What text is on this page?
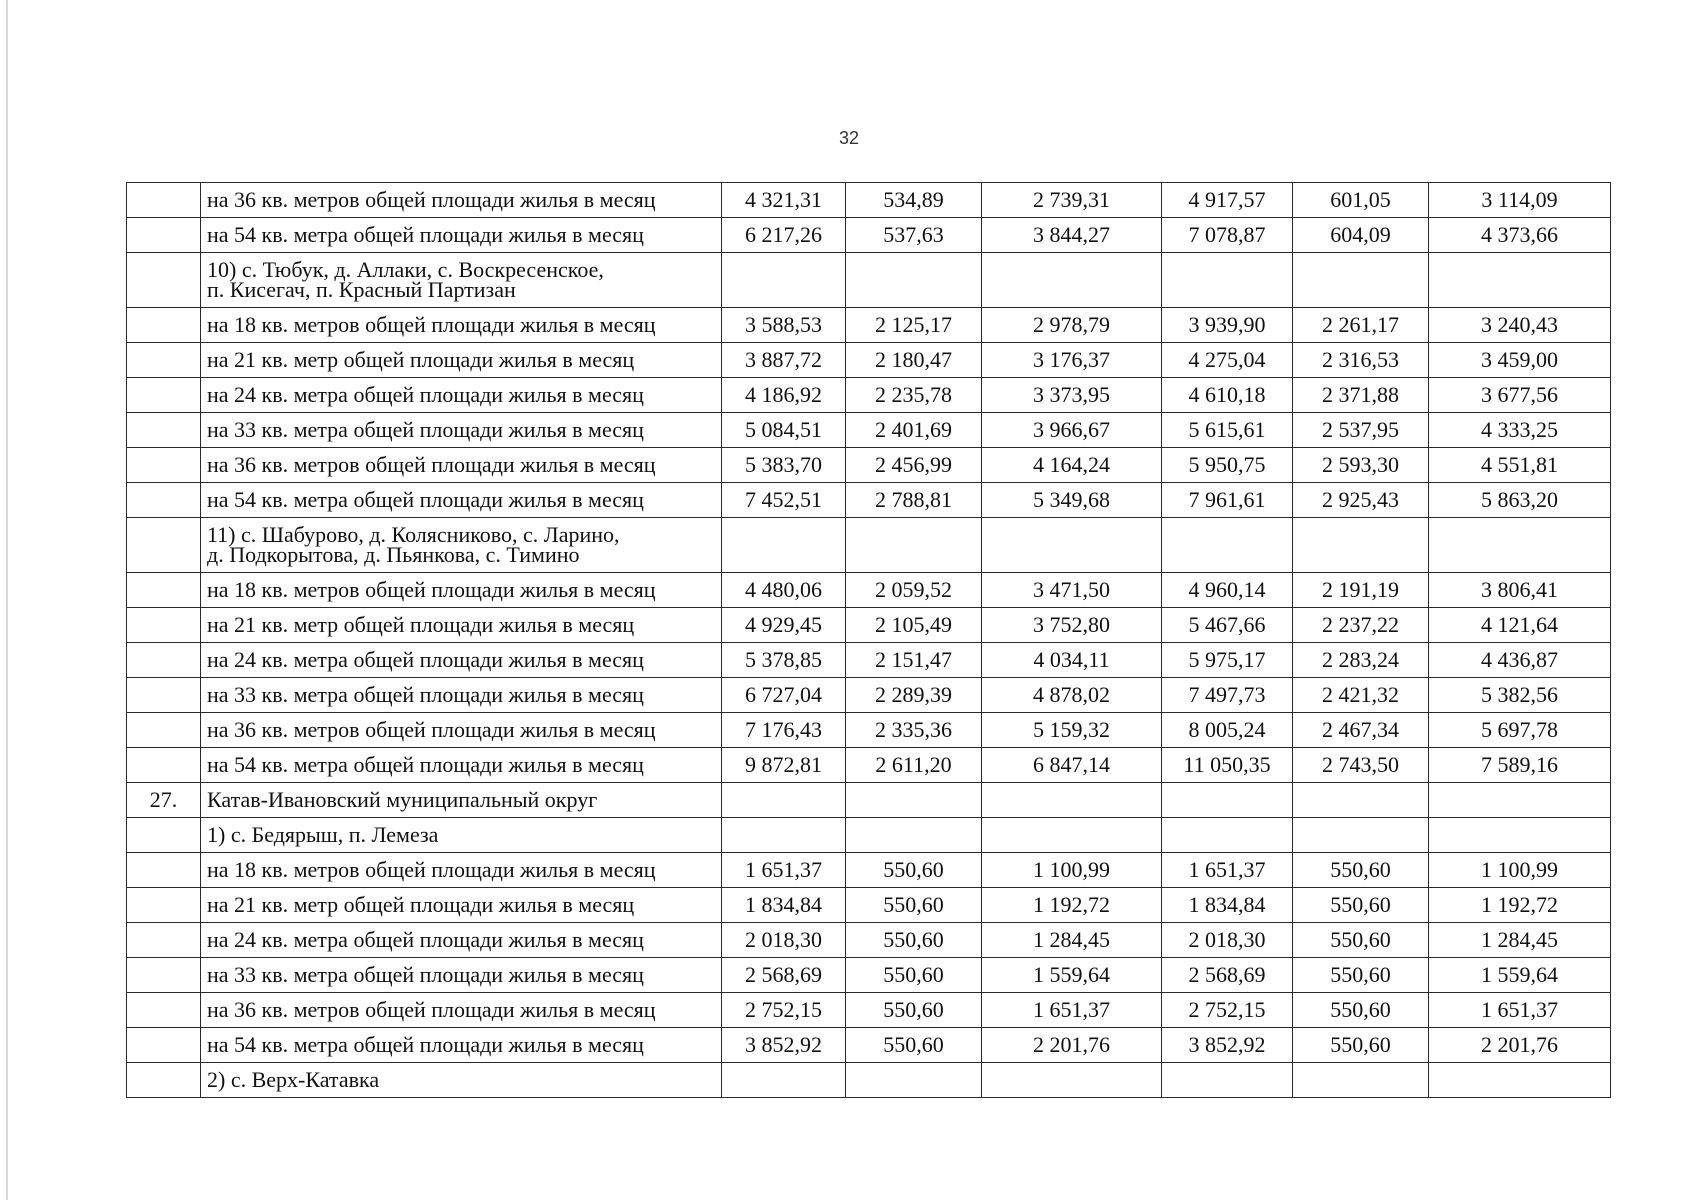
32

	на 36 кв. метров общей площади жилья в месяц	4 321,31	534,89	2 739,31	4 917,57	601,05	3 114,09

	на 54 кв. метра общей площади жилья в месяц	6 217,26	537,63	3 844,27	7 078,87	604,09	4 373,66

	10) с. Тюбук, д. Аллаки, с. Воскресенское,
п. Кисегач, п. Красный Партизан						

	на 18 кв. метров общей площади жилья в месяц	3 588,53	2 125,17	2 978,79	3 939,90	2 261,17	3 240,43

	на 21 кв. метр общей площади жилья в месяц	3 887,72	2 180,47	3 176,37	4 275,04	2 316,53	3 459,00

	на 24 кв. метра общей площади жилья в месяц	4 186,92	2 235,78	3 373,95	4 610,18	2 371,88	3 677,56

	на 33 кв. метра общей площади жилья в месяц	5 084,51	2 401,69	3 966,67	5 615,61	2 537,95	4 333,25

	на 36 кв. метров общей площади жилья в месяц	5 383,70	2 456,99	4 164,24	5 950,75	2 593,30	4 551,81

	на 54 кв. метра общей площади жилья в месяц	7 452,51	2 788,81	5 349,68	7 961,61	2 925,43	5 863,20

	11) с. Шабурово, д. Колясниково, с. Ларино,
д. Подкорытова, д. Пьянкова, с. Тимино						

	на 18 кв. метров общей площади жилья в месяц	4 480,06	2 059,52	3 471,50	4 960,14	2 191,19	3 806,41

	на 21 кв. метр общей площади жилья в месяц	4 929,45	2 105,49	3 752,80	5 467,66	2 237,22	4 121,64

	на 24 кв. метра общей площади жилья в месяц	5 378,85	2 151,47	4 034,11	5 975,17	2 283,24	4 436,87

	на 33 кв. метра общей площади жилья в месяц	6 727,04	2 289,39	4 878,02	7 497,73	2 421,32	5 382,56

	на 36 кв. метров общей площади жилья в месяц	7 176,43	2 335,36	5 159,32	8 005,24	2 467,34	5 697,78

	на 54 кв. метра общей площади жилья в месяц	9 872,81	2 611,20	6 847,14	11 050,35	2 743,50	7 589,16
27.	Катав-Ивановский муниципальный округ						

	1) с. Бедярыш, п. Лемеза						

	на 18 кв. метров общей площади жилья в месяц	1 651,37	550,60	1 100,99	1 651,37	550,60	1 100,99

	на 21 кв. метр общей площади жилья в месяц	1 834,84	550,60	1 192,72	1 834,84	550,60	1 192,72

	на 24 кв. метра общей площади жилья в месяц	2 018,30	550,60	1 284,45	2 018,30	550,60	1 284,45

	на 33 кв. метра общей площади жилья в месяц	2 568,69	550,60	1 559,64	2 568,69	550,60	1 559,64

	на 36 кв. метров общей площади жилья в месяц	2 752,15	550,60	1 651,37	2 752,15	550,60	1 651,37

	на 54 кв. метра общей площади жилья в месяц	3 852,92	550,60	2 201,76	3 852,92	550,60	2 201,76

	2) с. Верх-Катавка						
